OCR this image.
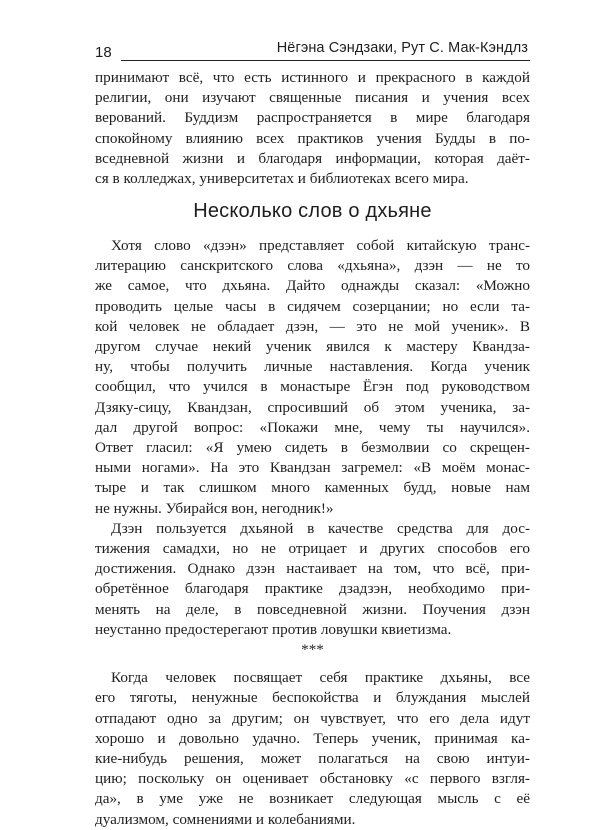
18	Нёгэна Сэндзаки, Рут С. Мак-Кэндлз
принимают всё, что есть истинного и прекрасного в каждой
религии, они изучают священные писания и учения всех
верований. Буддизм распространяется в мире благодаря
спокойному влиянию всех практиков учения Будды в по-
вседневной жизни и благодаря информации, которая даёт-
ся в колледжах, университетах и библиотеках всего мира.
Несколько слов о дхьяне
Хотя слово «дзэн» представляет собой китайскую транс-
литерацию санскритского слова «дхьяна», дзэн — не то
же самое, что дхьяна. Дайто однажды сказал: «Можно
проводить целые часы в сидячем созерцании; но если та-
кой человек не обладает дзэн, — это не мой ученик». В
другом случае некий ученик явился к мастеру Квандза-
ну, чтобы получить личные наставления. Когда ученик
сообщил, что учился в монастыре Ёгэн под руководством
Дзяку-сицу, Квандзан, спросивший об этом ученика, за-
дал другой вопрос: «Покажи мне, чему ты научился».
Ответ гласил: «Я умею сидеть в безмолвии со скрещен-
ными ногами». На это Квандзан загремел: «В моём монас-
тыре и так слишком много каменных будд, новые нам
не нужны. Убирайся вон, негодник!»
Дзэн пользуется дхьяной в качестве средства для дос-
тижения самадхи, но не отрицает и других способов его
достижения. Однако дзэн настаивает на том, что всё, при-
обретённое благодаря практике дзадзэн, необходимо при-
менять на деле, в повседневной жизни. Поучения дзэн
неустанно предостерегают против ловушки квиетизма.
***
Когда человек посвящает себя практике дхьяны, все
его тяготы, ненужные беспокойства и блуждания мыслей
отпадают одно за другим; он чувствует, что его дела идут
хорошо и довольно удачно. Теперь ученик, принимая ка-
кие-нибудь решения, может полагаться на свою интуи-
цию; поскольку он оценивает обстановку «с первого взгля-
да», в уме уже не возникает следующая мысль с её
дуализмом, сомнениями и колебаниями.
